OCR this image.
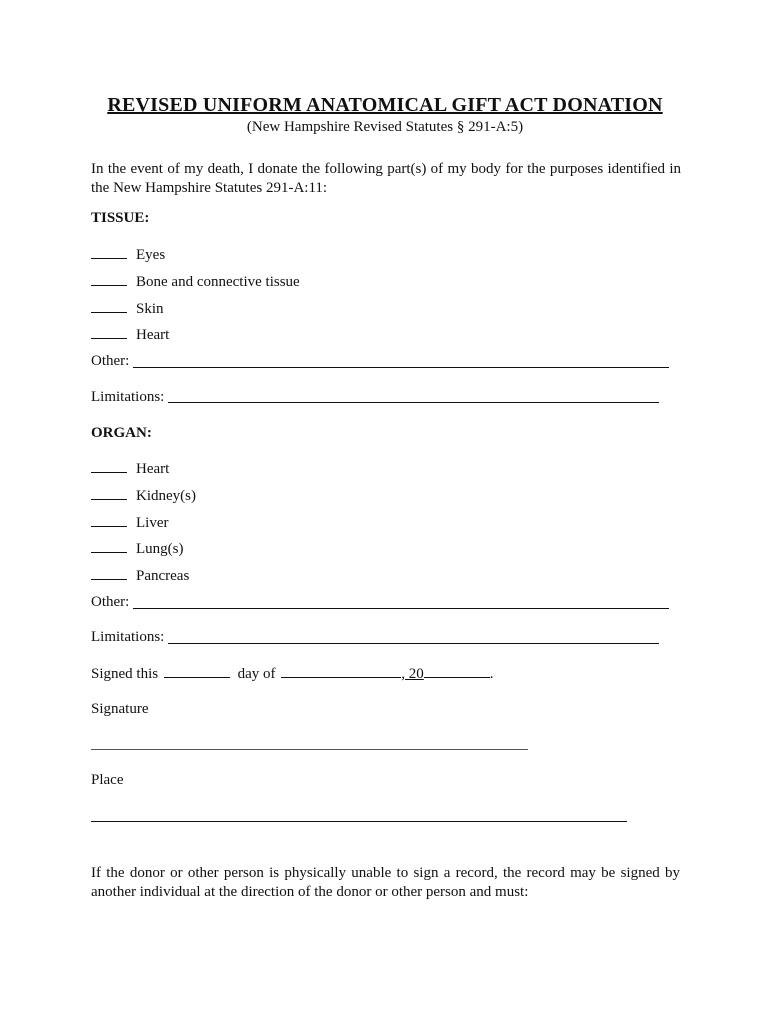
REVISED UNIFORM ANATOMICAL GIFT ACT DONATION
(New Hampshire Revised Statutes § 291-A:5)
In the event of my death, I donate the following part(s) of my body for the purposes identified in the New Hampshire Statutes 291-A:11:
TISSUE:
Eyes
Bone and connective tissue
Skin
Heart
Other:
Limitations:
ORGAN:
Heart
Kidney(s)
Liver
Lung(s)
Pancreas
Other:
Limitations:
Signed this	day of	, 20	.
Signature
Place
If the donor or other person is physically unable to sign a record, the record may be signed by another individual at the direction of the donor or other person and must:
